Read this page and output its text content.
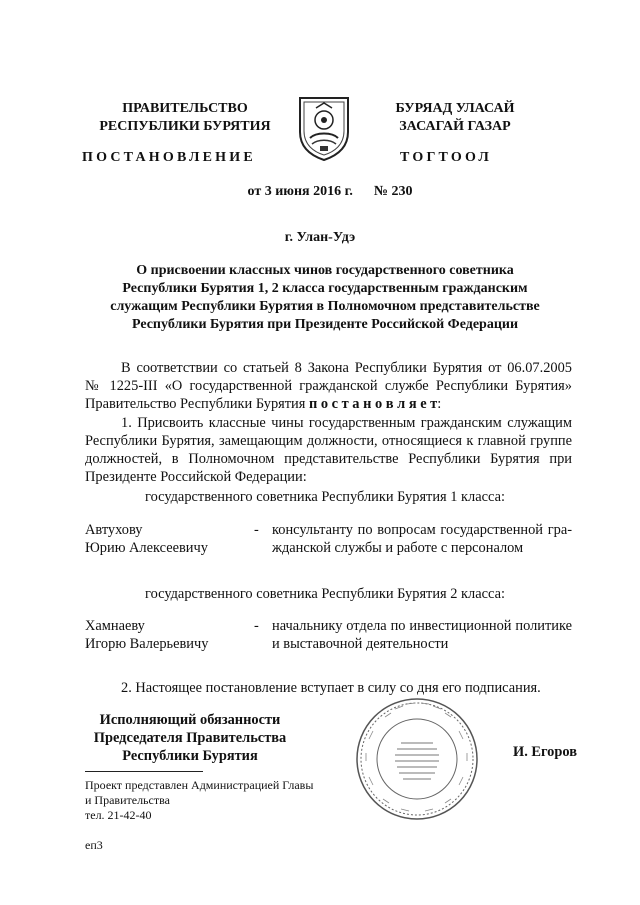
ПРАВИТЕЛЬСТВО
РЕСПУБЛИКИ БУРЯТИЯ
БУРЯАД УЛАСАЙ
ЗАСАГАЙ ГАЗАР
ПОСТАНОВЛЕНИЕ	ТОГТООЛ
от 3 июня 2016 г. № 230
г. Улан-Удэ
О присвоении классных чинов государственного советника
Республики Бурятия 1, 2 класса государственным гражданским
служащим Республики Бурятия в Полномочном представительстве
Республики Бурятия при Президенте Российской Федерации
В соответствии со статьей 8 Закона Республики Бурятия от 06.07.2005
№ 1225-III «О государственной гражданской службе Республики Бурятия»
Правительство Республики Бурятия п о с т а н о в л я е т:
1. Присвоить классные чины государственным гражданским служащим
Республики Бурятия, замещающим должности, относящиеся к главной группе
должностей, в Полномочном представительстве Республики Бурятия при
Президенте Российской Федерации:
государственного советника Республики Бурятия 1 класса:
Автухову
Юрию Алексеевичу
- консультанту по вопросам государственной гра-
жданской службы и работе с персоналом
государственного советника Республики Бурятия 2 класса:
Хамнаеву
Игорю Валерьевичу
- начальнику отдела по инвестиционной политике
и выставочной деятельности
2. Настоящее постановление вступает в силу со дня его подписания.
Исполняющий обязанности
Председателя Правительства
Республики Бурятия	И. Егоров
Проект представлен Администрацией Главы
и Правительства
тел. 21-42-40
еп3
